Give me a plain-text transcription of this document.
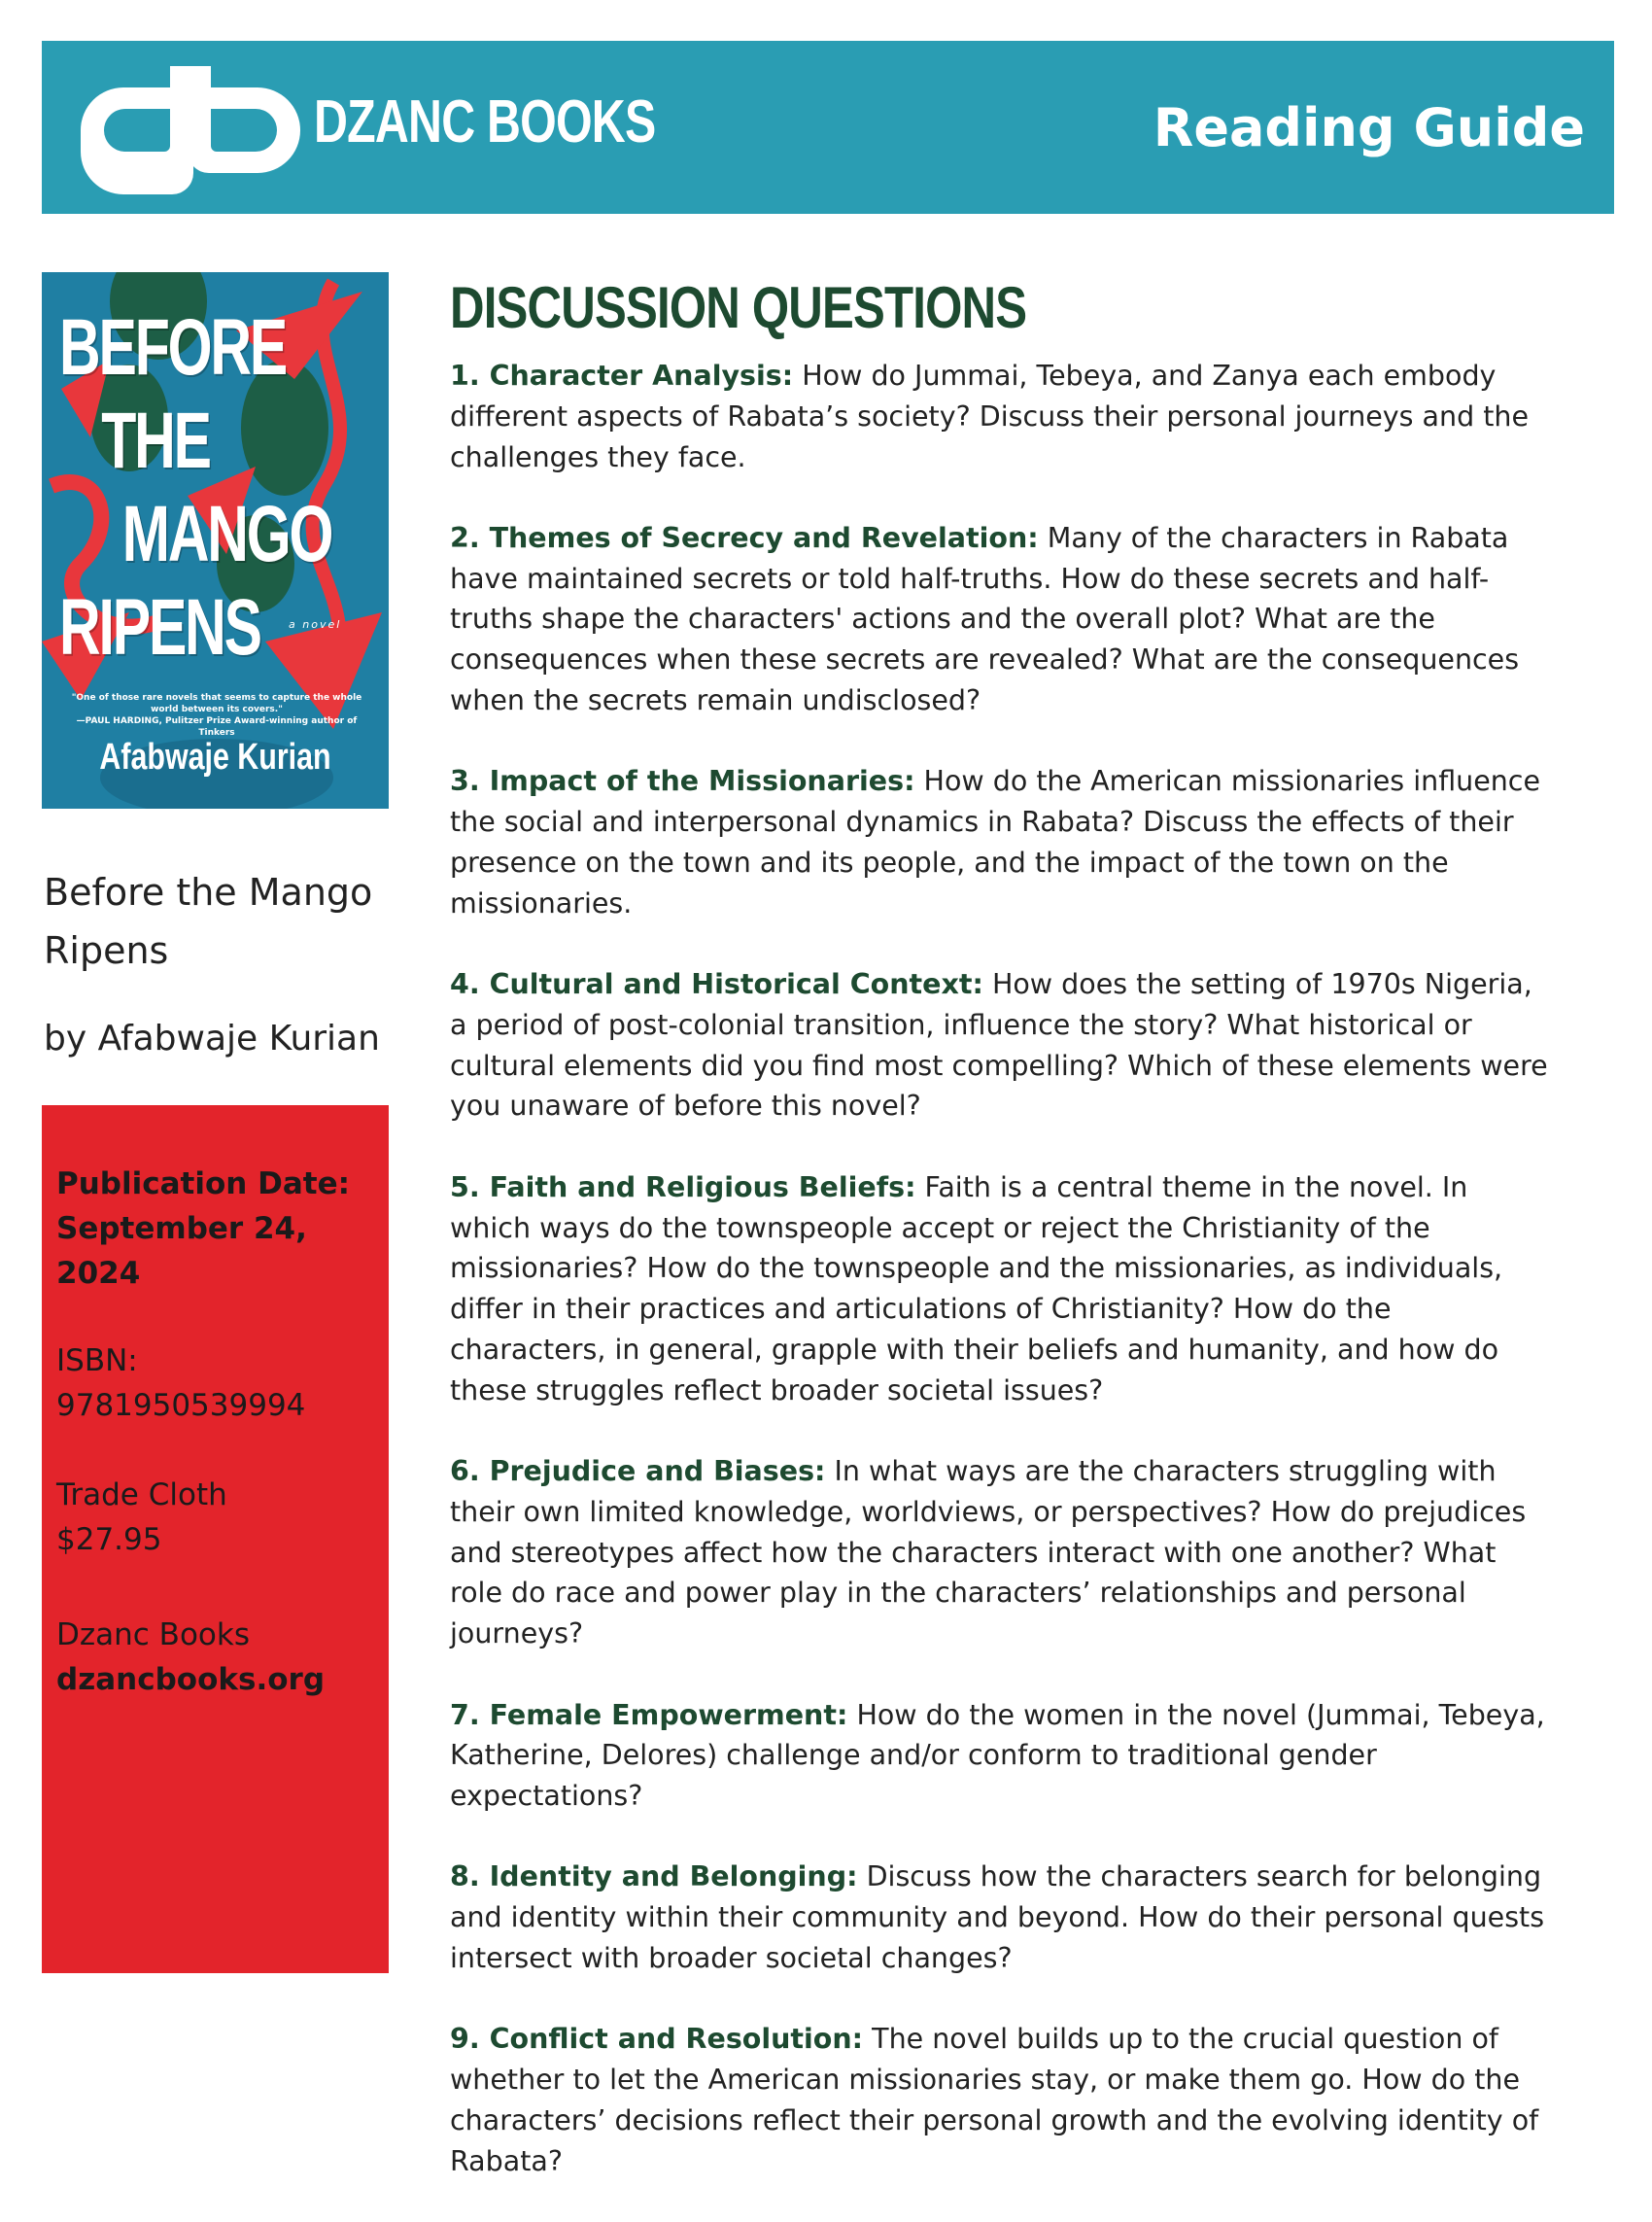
DZANC BOOKS	Reading Guide
BEFORE
THE
MANGO
RIPENS	a novel
"One of those rare novels that seems to capture the whole world between its covers."
—PAUL HARDING, Pulitzer Prize Award-winning author of Tinkers
Afabwaje Kurian
Before the Mango Ripens
by Afabwaje Kurian
Publication Date:
September 24, 2024
ISBN:
9781950539994
Trade Cloth
$27.95
Dzanc Books
dzancbooks.org
DISCUSSION QUESTIONS

1. Character Analysis: How do Jummai, Tebeya, and Zanya each embody different aspects of Rabata’s society? Discuss their personal journeys and the challenges they face.

2. Themes of Secrecy and Revelation: Many of the characters in Rabata have maintained secrets or told half-truths. How do these secrets and half-truths shape the characters' actions and the overall plot? What are the consequences when these secrets are revealed? What are the consequences when the secrets remain undisclosed?

3. Impact of the Missionaries: How do the American missionaries influence the social and interpersonal dynamics in Rabata? Discuss the effects of their presence on the town and its people, and the impact of the town on the missionaries.

4. Cultural and Historical Context: How does the setting of 1970s Nigeria, a period of post-colonial transition, influence the story? What historical or cultural elements did you find most compelling? Which of these elements were you unaware of before this novel?

5. Faith and Religious Beliefs: Faith is a central theme in the novel. In which ways do the townspeople accept or reject the Christianity of the missionaries? How do the townspeople and the missionaries, as individuals, differ in their practices and articulations of Christianity? How do the characters, in general, grapple with their beliefs and humanity, and how do these struggles reflect broader societal issues?

6. Prejudice and Biases: In what ways are the characters struggling with their own limited knowledge, worldviews, or perspectives? How do prejudices and stereotypes affect how the characters interact with one another? What role do race and power play in the characters’ relationships and personal journeys?

7. Female Empowerment: How do the women in the novel (Jummai, Tebeya, Katherine, Delores) challenge and/or conform to traditional gender expectations?

8. Identity and Belonging: Discuss how the characters search for belonging and identity within their community and beyond. How do their personal quests intersect with broader societal changes?

9. Conflict and Resolution: The novel builds up to the crucial question of whether to let the American missionaries stay, or make them go. How do the characters’ decisions reflect their personal growth and the evolving identity of Rabata?
